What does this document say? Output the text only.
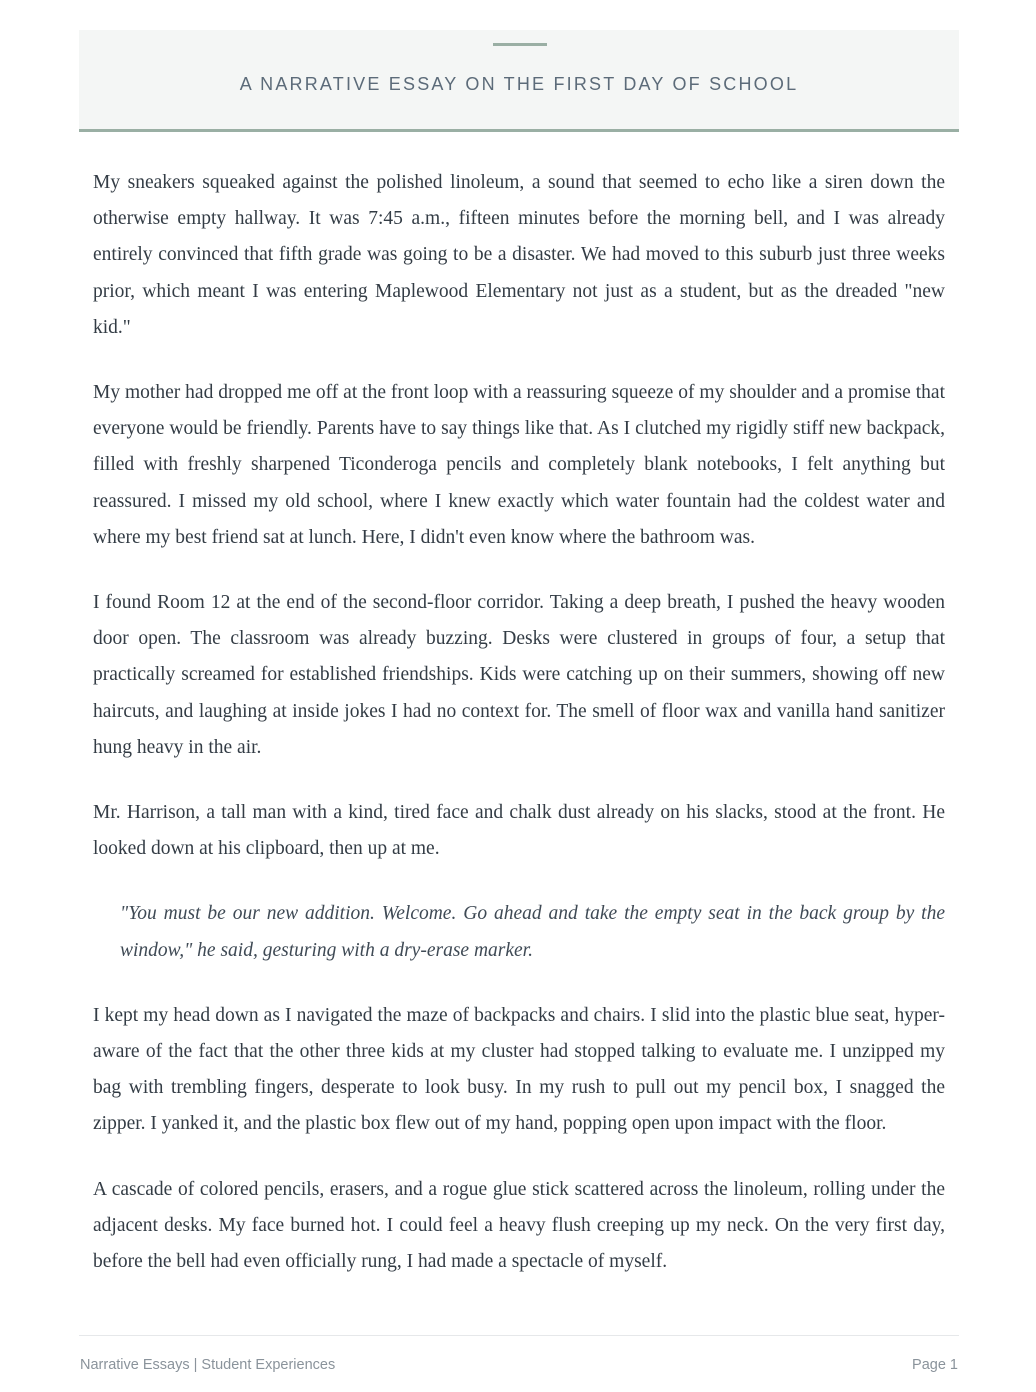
A NARRATIVE ESSAY ON THE FIRST DAY OF SCHOOL

My sneakers squeaked against the polished linoleum, a sound that seemed to echo like a siren down the otherwise empty hallway. It was 7:45 a.m., fifteen minutes before the morning bell, and I was already entirely convinced that fifth grade was going to be a disaster. We had moved to this suburb just three weeks prior, which meant I was entering Maplewood Elementary not just as a student, but as the dreaded "new kid."

My mother had dropped me off at the front loop with a reassuring squeeze of my shoulder and a promise that everyone would be friendly. Parents have to say things like that. As I clutched my rigidly stiff new backpack, filled with freshly sharpened Ticonderoga pencils and completely blank notebooks, I felt anything but reassured. I missed my old school, where I knew exactly which water fountain had the coldest water and where my best friend sat at lunch. Here, I didn't even know where the bathroom was.

I found Room 12 at the end of the second-floor corridor. Taking a deep breath, I pushed the heavy wooden door open. The classroom was already buzzing. Desks were clustered in groups of four, a setup that practically screamed for established friendships. Kids were catching up on their summers, showing off new haircuts, and laughing at inside jokes I had no context for. The smell of floor wax and vanilla hand sanitizer hung heavy in the air.

Mr. Harrison, a tall man with a kind, tired face and chalk dust already on his slacks, stood at the front. He looked down at his clipboard, then up at me.

"You must be our new addition. Welcome. Go ahead and take the empty seat in the back group by the window," he said, gesturing with a dry-erase marker.

I kept my head down as I navigated the maze of backpacks and chairs. I slid into the plastic blue seat, hyper-aware of the fact that the other three kids at my cluster had stopped talking to evaluate me. I unzipped my bag with trembling fingers, desperate to look busy. In my rush to pull out my pencil box, I snagged the zipper. I yanked it, and the plastic box flew out of my hand, popping open upon impact with the floor.

A cascade of colored pencils, erasers, and a rogue glue stick scattered across the linoleum, rolling under the adjacent desks. My face burned hot. I could feel a heavy flush creeping up my neck. On the very first day, before the bell had even officially rung, I had made a spectacle of myself.

Narrative Essays | Student Experiences	Page 1
